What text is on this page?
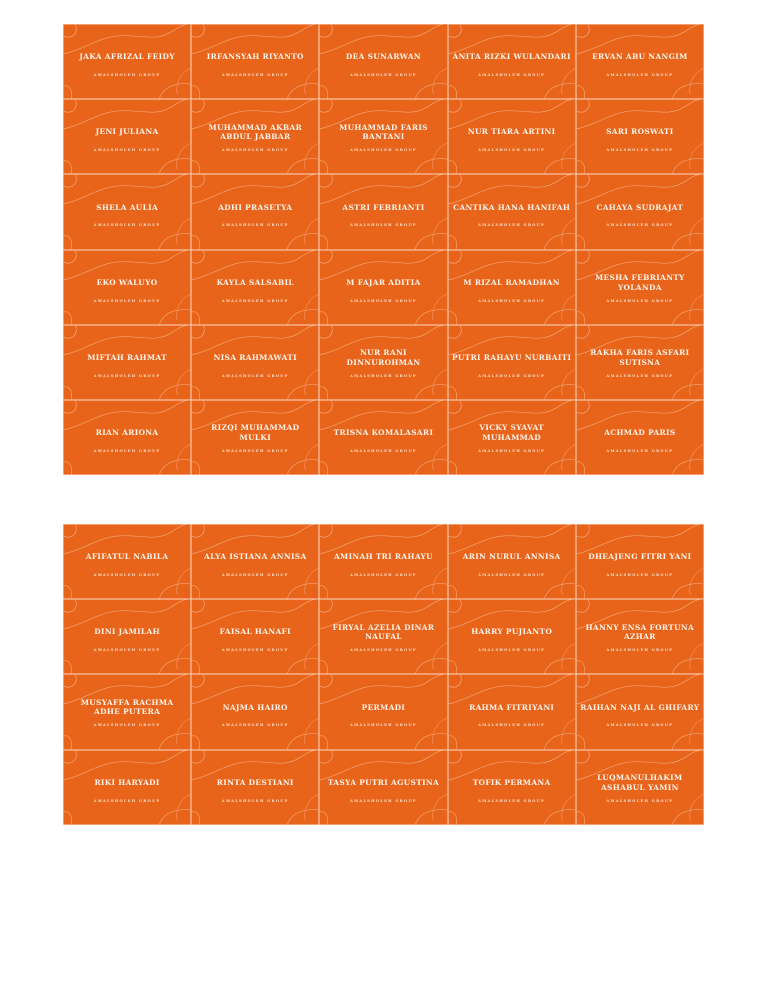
JAKA AFRIZAL FEIDY
AMALSHOLEH GROUP
IRFANSYAH RIYANTO
AMALSHOLEH GROUP
DEA SUNARWAN
AMALSHOLEH GROUP
ANITA RIZKI WULANDARI
AMALSHOLEH GROUP
ERVAN ABU NANGIM
AMALSHOLEH GROUP
JENI JULIANA
AMALSHOLEH GROUP
MUHAMMAD AKBAR ABDUL JABBAR
AMALSHOLEH GROUP
MUHAMMAD FARIS BANTANI
AMALSHOLEH GROUP
NUR TIARA ARTINI
AMALSHOLEH GROUP
SARI ROSWATI
AMALSHOLEH GROUP
SHELA AULIA
AMALSHOLEH GROUP
ADHI PRASETYA
AMALSHOLEH GROUP
ASTRI FEBRIANTI
AMALSHOLEH GROUP
CANTIKA HANA HANIFAH
AMALSHOLEH GROUP
CAHAYA SUDRAJAT
AMALSHOLEH GROUP
EKO WALUYO
AMALSHOLEH GROUP
KAYLA SALSABIL
AMALSHOLEH GROUP
M FAJAR ADITIA
AMALSHOLEH GROUP
M RIZAL RAMADHAN
AMALSHOLEH GROUP
MESHA FEBRIANTY YOLANDA
AMALSHOLEH GROUP
MIFTAH RAHMAT
AMALSHOLEH GROUP
NISA RAHMAWATI
AMALSHOLEH GROUP
NUR RANI DINNUROHMAN
AMALSHOLEH GROUP
PUTRI RAHAYU NURBAITI
AMALSHOLEH GROUP
RAKHA FARIS ASFARI SUTISNA
AMALSHOLEH GROUP
RIAN ARIONA
AMALSHOLEH GROUP
RIZQI MUHAMMAD MULKI
AMALSHOLEH GROUP
TRISNA KOMALASARI
AMALSHOLEH GROUP
VICKY SYAVAT MUHAMMAD
AMALSHOLEH GROUP
ACHMAD PARIS
AMALSHOLEH GROUP
AFIFATUL NABILA
AMALSHOLEH GROUP
ALYA ISTIANA ANNISA
AMALSHOLEH GROUP
AMINAH TRI RAHAYU
AMALSHOLEH GROUP
ARIN NURUL ANNISA
AMALSHOLEH GROUP
DHEAJENG FITRI YANI
AMALSHOLEH GROUP
DINI JAMILAH
AMALSHOLEH GROUP
FAISAL HANAFI
AMALSHOLEH GROUP
FIRYAL AZELIA DINAR NAUFAL
AMALSHOLEH GROUP
HARRY PUJIANTO
AMALSHOLEH GROUP
HANNY ENSA FORTUNA AZHAR
AMALSHOLEH GROUP
MUSYAFFA RACHMA ADHE PUTERA
AMALSHOLEH GROUP
NAJMA HAIRO
AMALSHOLEH GROUP
PERMADI
AMALSHOLEH GROUP
RAHMA FITRIYANI
AMALSHOLEH GROUP
RAIHAN NAJI AL GHIFARY
AMALSHOLEH GROUP
RIKI HARYADI
AMALSHOLEH GROUP
RINTA DESTIANI
AMALSHOLEH GROUP
TASYA PUTRI AGUSTINA
AMALSHOLEH GROUP
TOFIK PERMANA
AMALSHOLEH GROUP
LUQMANULHAKIM ASHABUL YAMIN
AMALSHOLEH GROUP
